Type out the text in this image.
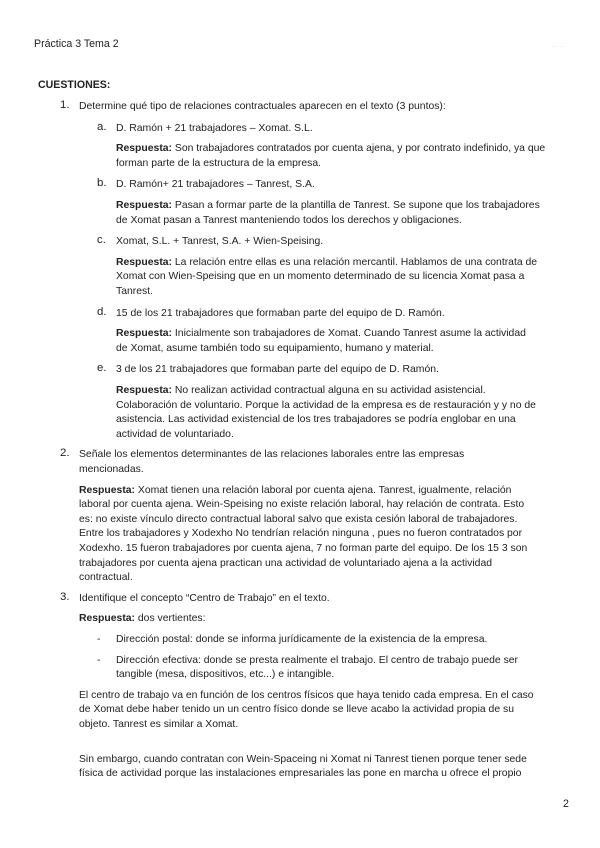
Práctica 3 Tema 2	. .
CUESTIONES:
1. Determine qué tipo de relaciones contractuales aparecen en el texto (3 puntos):
a. D. Ramón + 21 trabajadores – Xomat. S.L.
Respuesta: Son trabajadores contratados por cuenta ajena, y por contrato indefinido, ya que
forman parte de la estructura de la empresa.
b. D. Ramón+ 21 trabajadores – Tanrest, S.A.
Respuesta: Pasan a formar parte de la plantilla de Tanrest. Se supone que los trabajadores
de Xomat pasan a Tanrest manteniendo todos los derechos y obligaciones.
c. Xomat, S.L. + Tanrest, S.A. + Wien-Speising.
Respuesta: La relación entre ellas es una relación mercantil. Hablamos de una contrata de
Xomat con Wien-Speising que en un momento determinado de su licencia Xomat pasa a
Tanrest.
d. 15 de los 21 trabajadores que formaban parte del equipo de D. Ramón.
Respuesta: Inicialmente son trabajadores de Xomat. Cuando Tanrest asume la actividad
de Xomat, asume también todo su equipamiento, humano y material.
e. 3 de los 21 trabajadores que formaban parte del equipo de D. Ramón.
Respuesta: No realizan actividad contractual alguna en su actividad asistencial.
Colaboración de voluntario. Porque la actividad de la empresa es de restauración y y no de
asistencia. Las actividad existencial de los tres trabajadores se podría englobar en una
actividad de voluntariado.
2. Señale los elementos determinantes de las relaciones laborales entre las empresas
mencionadas.
Respuesta: Xomat tienen una relación laboral por cuenta ajena. Tanrest, igualmente, relación
laboral por cuenta ajena. Wein-Speising no existe relación laboral, hay relación de contrata. Esto
es: no existe vínculo directo contractual laboral salvo que exista cesión laboral de trabajadores.
Entre los trabajadores y Xodexho No tendrían relación ninguna , pues no fueron contratados por
Xodexho. 15 fueron trabajadores por cuenta ajena, 7 no forman parte del equipo. De los 15 3 son
trabajadores por cuenta ajena practican una actividad de voluntariado ajena a la actividad
contractual.
3. Identifique el concepto “Centro de Trabajo” en el texto.
Respuesta: dos vertientes:
- Dirección postal: donde se informa jurídicamente de la existencia de la empresa.
- Dirección efectiva: donde se presta realmente el trabajo. El centro de trabajo puede ser
tangible (mesa, dispositivos, etc...) e intangible.
El centro de trabajo va en función de los centros físicos que haya tenido cada empresa. En el caso
de Xomat debe haber tenido un un centro físico donde se lleve acabo la actividad propia de su
objeto. Tanrest es similar a Xomat.
Sin embargo, cuando contratan con Wein-Spaceing ni Xomat ni Tanrest tienen porque tener sede
física de actividad porque las instalaciones empresariales las pone en marcha u ofrece el propio
2
